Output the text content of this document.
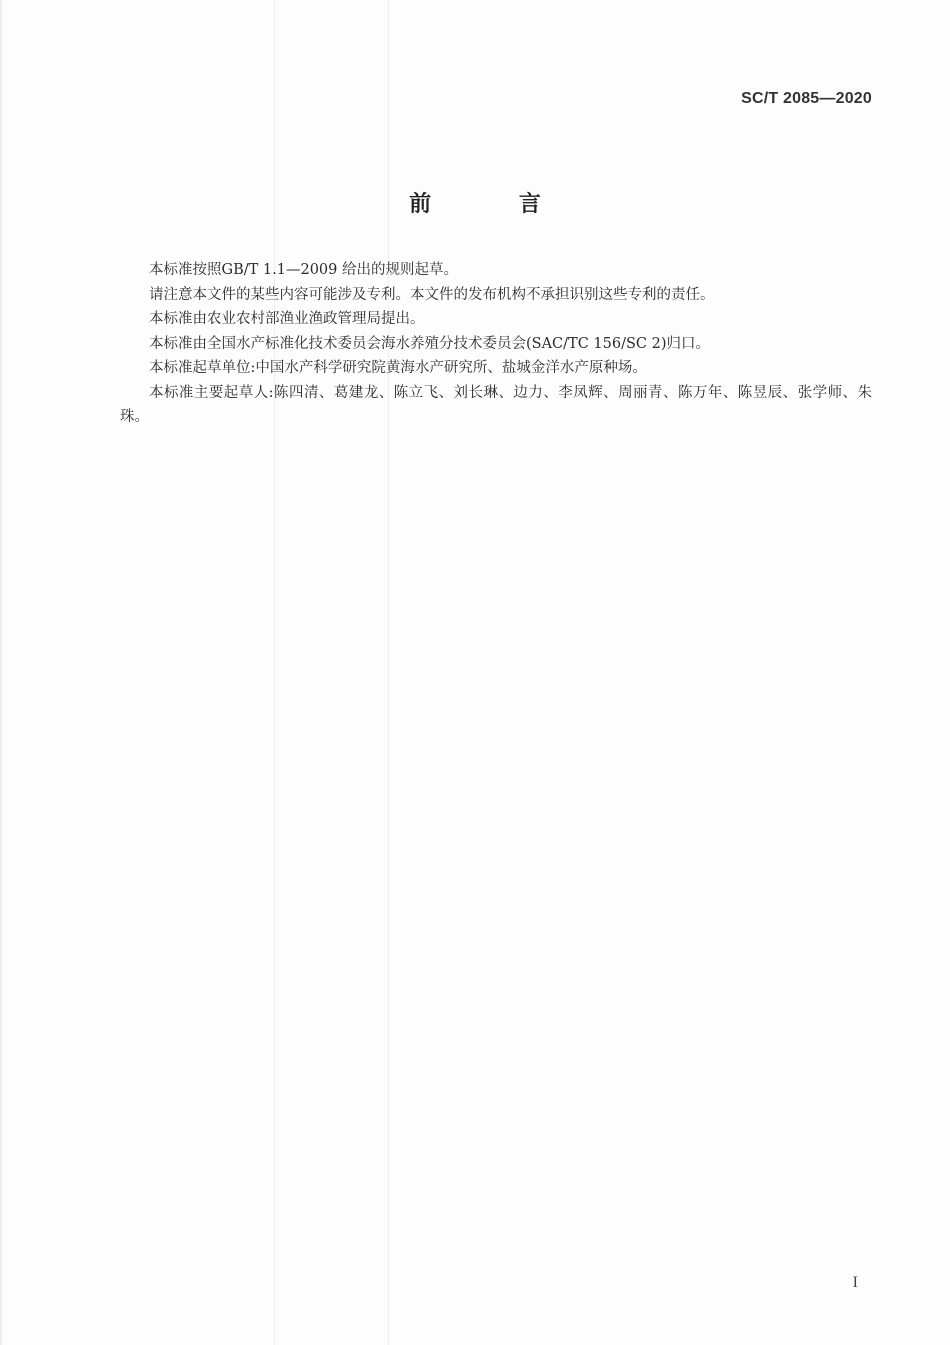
SC/T 2085—2020
前 言

本标准按照GB/T 1.1—2009 给出的规则起草。

请注意本文件的某些内容可能涉及专利。本文件的发布机构不承担识别这些专利的责任。

本标准由农业农村部渔业渔政管理局提出。

本标准由全国水产标准化技术委员会海水养殖分技术委员会(SAC/TC 156/SC 2)归口。

本标准起草单位:中国水产科学研究院黄海水产研究所、盐城金洋水产原种场。

本标准主要起草人:陈四清、葛建龙、陈立飞、刘长琳、边力、李凤辉、周丽青、陈万年、陈昱辰、张学师、朱珠。

I
